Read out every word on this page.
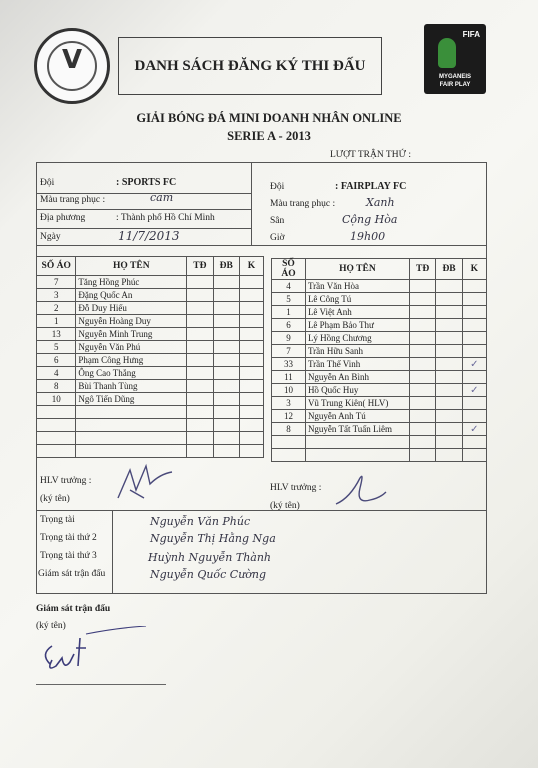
V	DANH SÁCH ĐĂNG KÝ THI ĐẤU
FIFA
MYGANEIS
FAIR PLAY
GIẢI BÓNG ĐÁ MINI DOANH NHÂN ONLINE
SERIE A - 2013
LƯỢT TRẬN THỨ :
Đội	: SPORTS FC
Màu trang phục :	cam
Địa phương	: Thành phố Hồ Chí Minh
Ngày	11/7/2013
Đội	: FAIRPLAY FC
Màu trang phục :	Xanh
Sân	Cộng Hòa
Giờ	19h00
SỐ ÁO	HỌ TÊN	TĐ	ĐB	K
7	Tăng Hồng Phúc			
3	Đặng Quốc An			
2	Đỗ Duy Hiếu			
1	Nguyễn Hoàng Duy			
13	Nguyễn Minh Trung			
5	Nguyễn Văn Phú			
6	Phạm Công Hưng			
4	Ông Cao Thắng			
8	Bùi Thanh Tùng			
10	Ngô Tiến Dũng			

SỐ ÁO	HỌ TÊN	TĐ	ĐB	K
4	Trần Văn Hòa			
5	Lê Công Tú			
1	Lê Việt Anh			
6	Lê Phạm Bảo Thư			
9	Lý Hồng Chương			
7	Trần Hữu Sanh			
33	Trần Thế Vinh			✓
11	Nguyễn An Bình			
10	Hồ Quốc Huy			✓
3	Vũ Trung Kiên( HLV)			
12	Nguyễn Anh Tú			
8	Nguyễn Tất Tuấn Liêm			✓

HLV trưởng :
(ký tên)
HLV trưởng :
(ký tên)
Trọng tài	Nguyễn Văn Phúc
Trọng tài thứ 2	Nguyễn Thị Hằng Nga
Trọng tài thứ 3	Huỳnh Nguyễn Thành
Giám sát trận đấu	Nguyễn Quốc Cường
Giám sát trận đấu
(ký tên)
